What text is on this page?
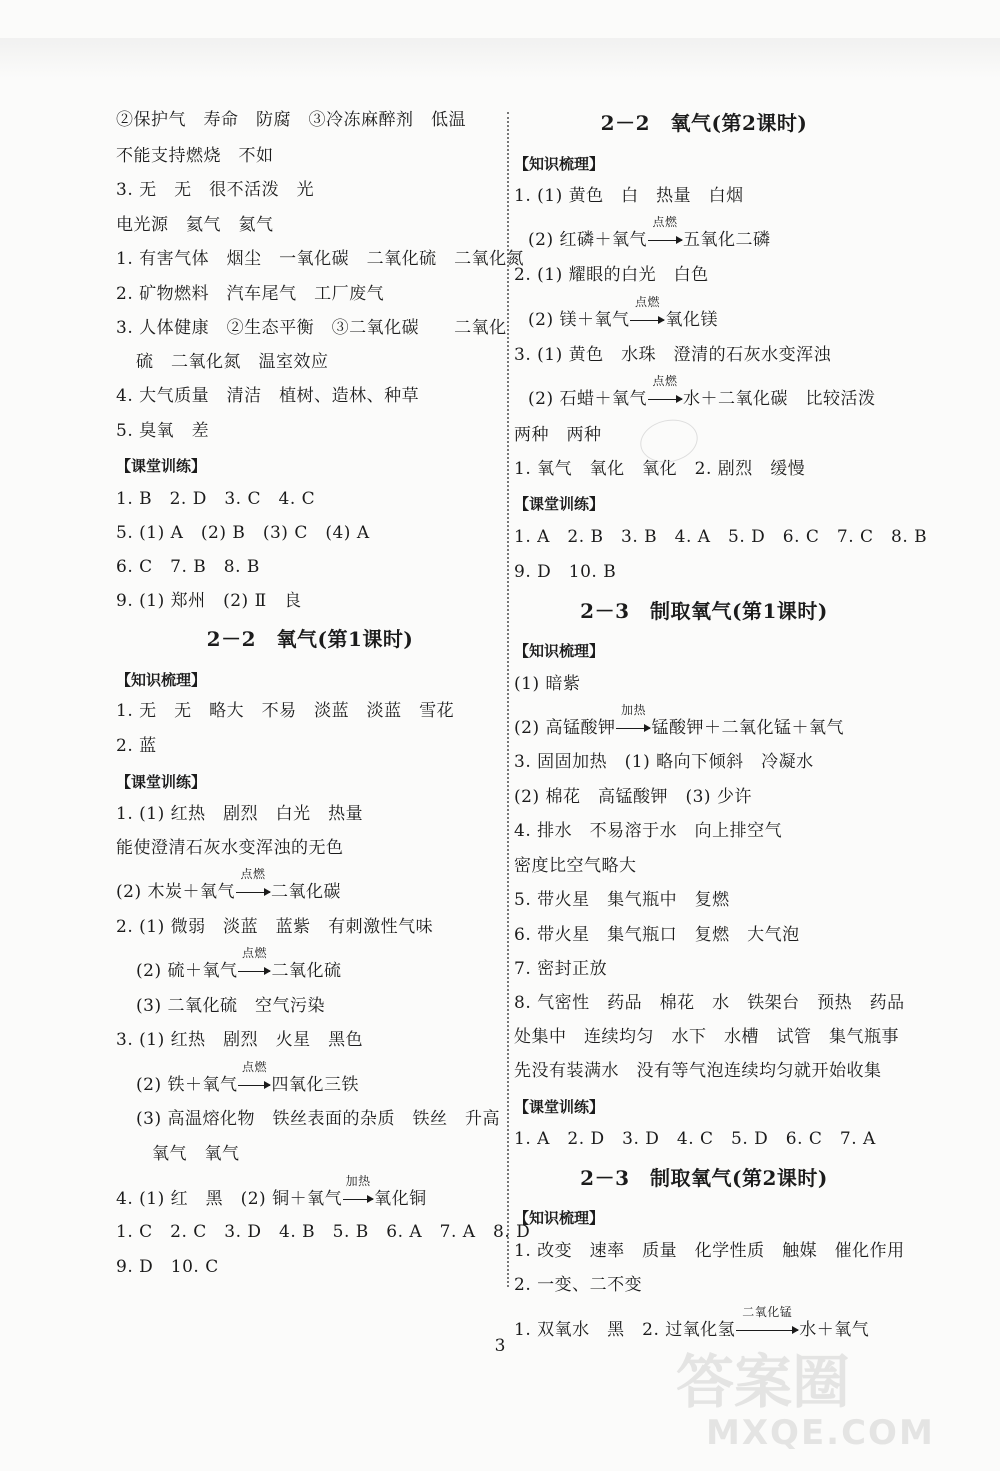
②保护气　寿命　防腐　③冷冻麻醉剂　低温
不能支持燃烧　不如
3. 无　无　很不活泼　光
电光源　氦气　氦气
1. 有害气体　烟尘　一氧化碳　二氧化硫　二氧化氮
2. 矿物燃料　汽车尾气　工厂废气
3. 人体健康　②生态平衡　③二氧化碳　　二氧化
硫　二氧化氮　温室效应
4. 大气质量　清洁　植树、造林、种草
5. 臭氧　差
【课堂训练】
1. B　2. D　3. C　4. C
5. (1) A　(2) B　(3) C　(4) A
6. C　7. B　8. B
9. (1) 郑州　(2) Ⅱ　良
2－2　氧气(第1课时)
【知识梳理】
1. 无　无　略大　不易　淡蓝　淡蓝　雪花
2. 蓝
【课堂训练】
1. (1) 红热　剧烈　白光　热量
能使澄清石灰水变浑浊的无色
(2) 木炭＋氧气
点燃
二氧化碳
2. (1) 微弱　淡蓝　蓝紫　有刺激性气味
(2) 硫＋氧气
点燃
二氧化硫
(3) 二氧化硫　空气污染
3. (1) 红热　剧烈　火星　黑色
(2) 铁＋氧气
点燃
四氧化三铁
(3) 高温熔化物　铁丝表面的杂质　铁丝　升高
氧气　氧气
4. (1) 红　黑　(2) 铜＋氧气
加热
氧化铜
1. C　2. C　3. D　4. B　5. B　6. A　7. A　8. D
9. D　10. C
2－2　氧气(第2课时)
【知识梳理】
1. (1) 黄色　白　热量　白烟
(2) 红磷＋氧气
点燃
五氧化二磷
2. (1) 耀眼的白光　白色
(2) 镁＋氧气
点燃
氧化镁
3. (1) 黄色　水珠　澄清的石灰水变浑浊
(2) 石蜡＋氧气
点燃
水＋二氧化碳　比较活泼
两种　两种
1. 氧气　氧化　氧化　2. 剧烈　缓慢
【课堂训练】
1. A　2. B　3. B　4. A　5. D　6. C　7. C　8. B
9. D　10. B
2－3　制取氧气(第1课时)
【知识梳理】
(1) 暗紫
(2) 高锰酸钾
加热
锰酸钾＋二氧化锰＋氧气
3. 固固加热　(1) 略向下倾斜　冷凝水
(2) 棉花　高锰酸钾　(3) 少许
4. 排水　不易溶于水　向上排空气
密度比空气略大
5. 带火星　集气瓶中　复燃
6. 带火星　集气瓶口　复燃　大气泡
7. 密封正放
8. 气密性　药品　棉花　水　铁架台　预热　药品
处集中　连续均匀　水下　水槽　试管　集气瓶事
先没有装满水　没有等气泡连续均匀就开始收集
【课堂训练】
1. A　2. D　3. D　4. C　5. D　6. C　7. A
2－3　制取氧气(第2课时)
【知识梳理】
1. 改变　速率　质量　化学性质　触媒　催化作用
2. 一变、二不变
1. 双氧水　黑　2. 过氧化氢
二氧化锰
水＋氧气
3
答案圈
MXQE.COM
